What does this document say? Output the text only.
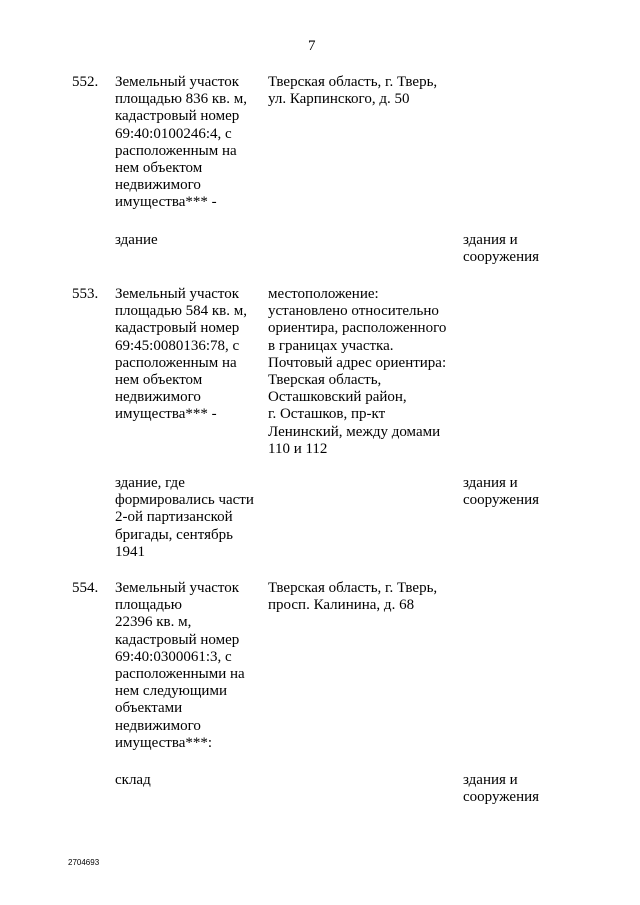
7
552. Земельный участок
площадью 836 кв. м,
кадастровый номер
69:40:0100246:4, с
расположенным на
нем объектом
недвижимого
имущества*** -
Тверская область, г. Тверь,
ул. Карпинского, д. 50
здание	здания и
сооружения
553. Земельный участок
площадью 584 кв. м,
кадастровый номер
69:45:0080136:78, с
расположенным на
нем объектом
недвижимого
имущества*** -
местоположение:
установлено относительно
ориентира, расположенного
в границах участка.
Почтовый адрес ориентира:
Тверская область,
Осташковский район,
г. Осташков, пр-кт
Ленинский, между домами
110 и 112
здание, где
формировались части
2-ой партизанской
бригады, сентябрь
1941
здания и
сооружения
554. Земельный участок
площадью
22396 кв. м,
кадастровый номер
69:40:0300061:3, с
расположенными на
нем следующими
объектами
недвижимого
имущества***:
Тверская область, г. Тверь,
просп. Калинина, д. 68
склад	здания и
сооружения
2704693
